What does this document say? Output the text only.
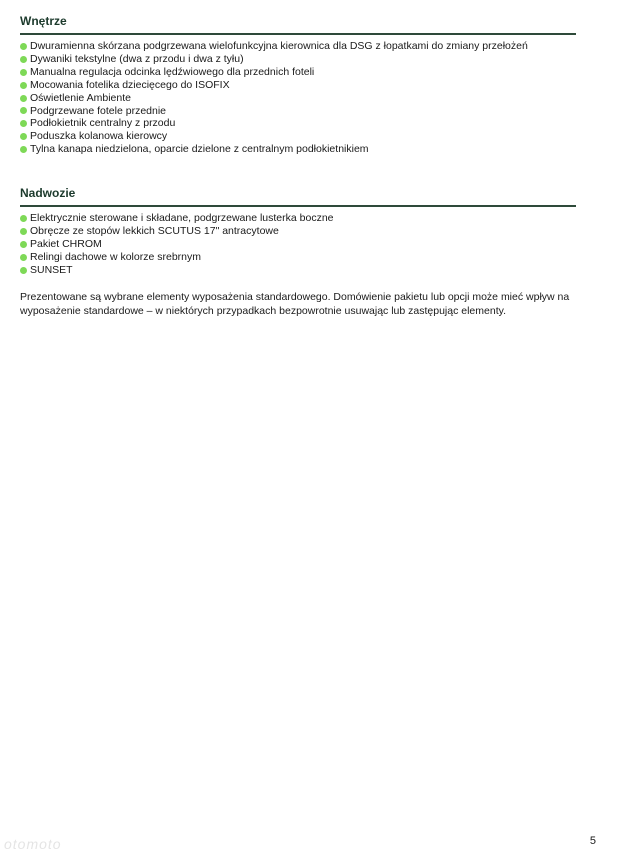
Wnętrze
Dwuramienna skórzana podgrzewana wielofunkcyjna kierownica dla DSG z łopatkami do zmiany przełożeń
Dywaniki tekstylne (dwa z przodu i dwa z tyłu)
Manualna regulacja odcinka lędźwiowego dla przednich foteli
Mocowania fotelika dziecięcego do ISOFIX
Oświetlenie Ambiente
Podgrzewane fotele przednie
Podłokietnik centralny z przodu
Poduszka kolanowa kierowcy
Tylna kanapa niedzielona, oparcie dzielone z centralnym podłokietnikiem
Nadwozie
Elektrycznie sterowane i składane, podgrzewane lusterka boczne
Obręcze ze stopów lekkich SCUTUS 17" antracytowe
Pakiet CHROM
Relingi dachowe w kolorze srebrnym
SUNSET

Prezentowane są wybrane elementy wyposażenia standardowego. Domówienie pakietu lub opcji może mieć wpływ na wyposażenie standardowe – w niektórych przypadkach bezpowrotnie usuwając lub zastępując elementy.

otomoto	5
